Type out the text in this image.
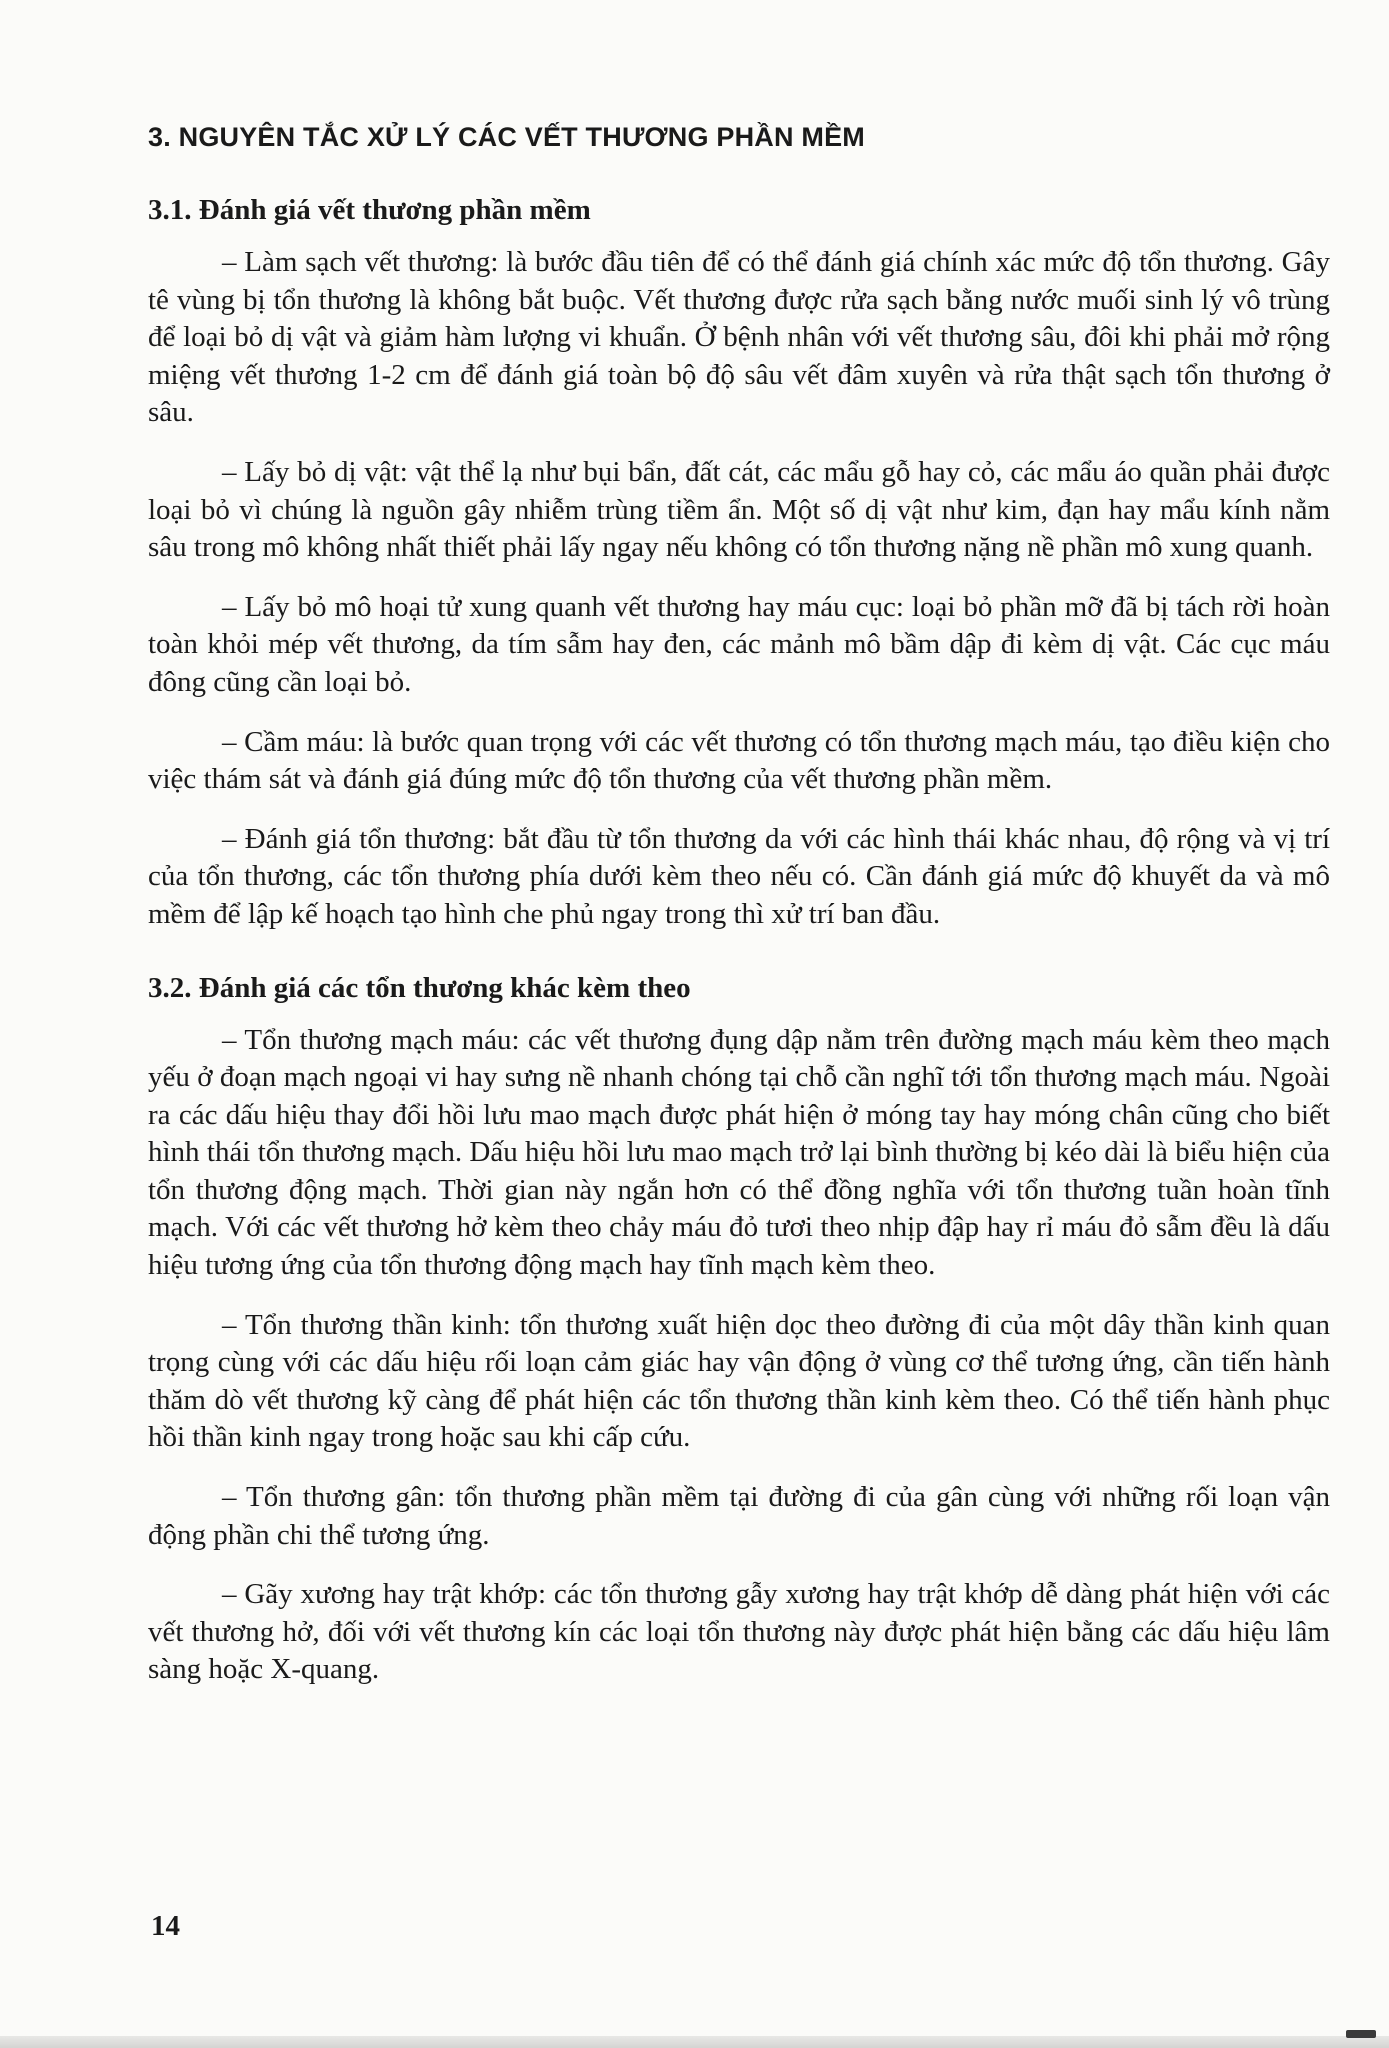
3. NGUYÊN TẮC XỬ LÝ CÁC VẾT THƯƠNG PHẦN MỀM
3.1. Đánh giá vết thương phần mềm

– Làm sạch vết thương: là bước đầu tiên để có thể đánh giá chính xác mức độ tổn thương. Gây tê vùng bị tổn thương là không bắt buộc. Vết thương được rửa sạch bằng nước muối sinh lý vô trùng để loại bỏ dị vật và giảm hàm lượng vi khuẩn. Ở bệnh nhân với vết thương sâu, đôi khi phải mở rộng miệng vết thương 1-2 cm để đánh giá toàn bộ độ sâu vết đâm xuyên và rửa thật sạch tổn thương ở sâu.

– Lấy bỏ dị vật: vật thể lạ như bụi bẩn, đất cát, các mẩu gỗ hay cỏ, các mẩu áo quần phải được loại bỏ vì chúng là nguồn gây nhiễm trùng tiềm ẩn. Một số dị vật như kim, đạn hay mẩu kính nằm sâu trong mô không nhất thiết phải lấy ngay nếu không có tổn thương nặng nề phần mô xung quanh.

– Lấy bỏ mô hoại tử xung quanh vết thương hay máu cục: loại bỏ phần mỡ đã bị tách rời hoàn toàn khỏi mép vết thương, da tím sẫm hay đen, các mảnh mô bầm dập đi kèm dị vật. Các cục máu đông cũng cần loại bỏ.

– Cầm máu: là bước quan trọng với các vết thương có tổn thương mạch máu, tạo điều kiện cho việc thám sát và đánh giá đúng mức độ tổn thương của vết thương phần mềm.

– Đánh giá tổn thương: bắt đầu từ tổn thương da với các hình thái khác nhau, độ rộng và vị trí của tổn thương, các tổn thương phía dưới kèm theo nếu có. Cần đánh giá mức độ khuyết da và mô mềm để lập kế hoạch tạo hình che phủ ngay trong thì xử trí ban đầu.

3.2. Đánh giá các tổn thương khác kèm theo

– Tổn thương mạch máu: các vết thương đụng dập nằm trên đường mạch máu kèm theo mạch yếu ở đoạn mạch ngoại vi hay sưng nề nhanh chóng tại chỗ cần nghĩ tới tổn thương mạch máu. Ngoài ra các dấu hiệu thay đổi hồi lưu mao mạch được phát hiện ở móng tay hay móng chân cũng cho biết hình thái tổn thương mạch. Dấu hiệu hồi lưu mao mạch trở lại bình thường bị kéo dài là biểu hiện của tổn thương động mạch. Thời gian này ngắn hơn có thể đồng nghĩa với tổn thương tuần hoàn tĩnh mạch. Với các vết thương hở kèm theo chảy máu đỏ tươi theo nhịp đập hay rỉ máu đỏ sẫm đều là dấu hiệu tương ứng của tổn thương động mạch hay tĩnh mạch kèm theo.

– Tổn thương thần kinh: tổn thương xuất hiện dọc theo đường đi của một dây thần kinh quan trọng cùng với các dấu hiệu rối loạn cảm giác hay vận động ở vùng cơ thể tương ứng, cần tiến hành thăm dò vết thương kỹ càng để phát hiện các tổn thương thần kinh kèm theo. Có thể tiến hành phục hồi thần kinh ngay trong hoặc sau khi cấp cứu.

– Tổn thương gân: tổn thương phần mềm tại đường đi của gân cùng với những rối loạn vận động phần chi thể tương ứng.

– Gãy xương hay trật khớp: các tổn thương gẫy xương hay trật khớp dễ dàng phát hiện với các vết thương hở, đối với vết thương kín các loại tổn thương này được phát hiện bằng các dấu hiệu lâm sàng hoặc X-quang.

14
